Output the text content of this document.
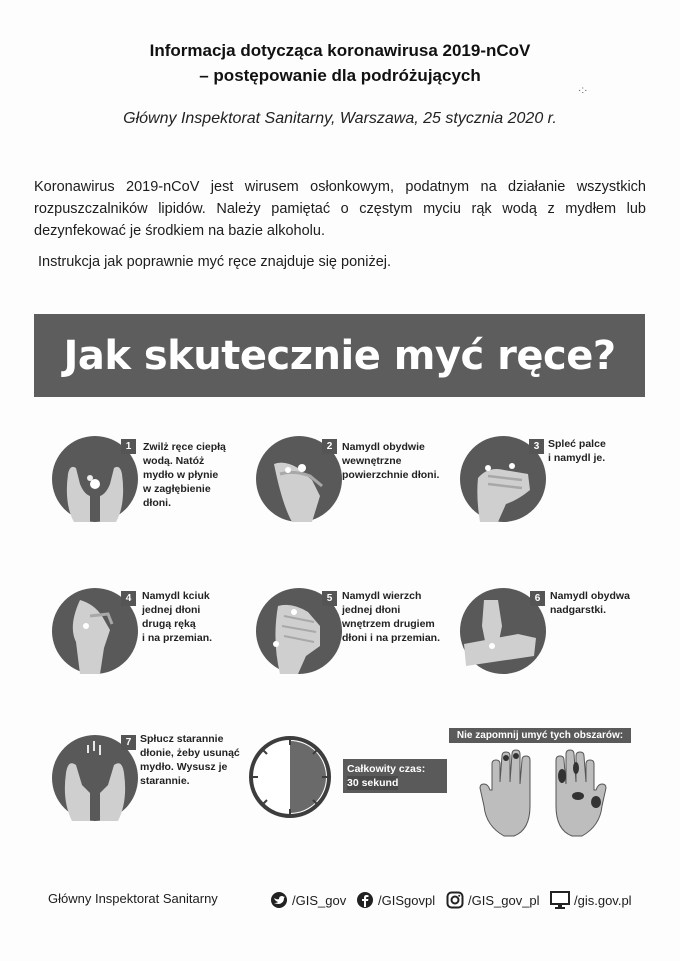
Informacja dotycząca koronawirusa 2019-nCoV
– postępowanie dla podróżujących
·:·
Główny Inspektorat Sanitarny, Warszawa, 25 stycznia 2020 r.
Koronawirus 2019-nCoV jest wirusem osłonkowym, podatnym na działanie wszystkich rozpuszczalników lipidów. Należy pamiętać o częstym myciu rąk wodą z mydłem lub dezynfekować je środkiem na bazie alkoholu.
Instrukcja jak poprawnie myć ręce znajduje się poniżej.
Jak skutecznie myć ręce?
1	Zwilż ręce ciepłą
wodą. Natóż
mydło w płynie
w zagłębienie
dłoni.
2 Namydl obydwie
wewnętrzne
powierzchnie dłoni.
3 Spleć palce
i namydl je.
4	Namydl kciuk
jednej dłoni
drugą ręką
i na przemian.
5 Namydl wierzch
jednej dłoni
wnętrzem drugiem
dłoni i na przemian.
6 Namydl obydwa
nadgarstki.
7 Spłucz starannie
dłonie, żeby usunąć
mydło. Wysusz je
starannie.
Całkowity czas:
30 sekund
Nie zapomnij umyć tych obszarów:
Główny Inspektorat Sanitarny	/GIS_gov /GISgovpl	/GIS_gov_pl	/gis.gov.pl
